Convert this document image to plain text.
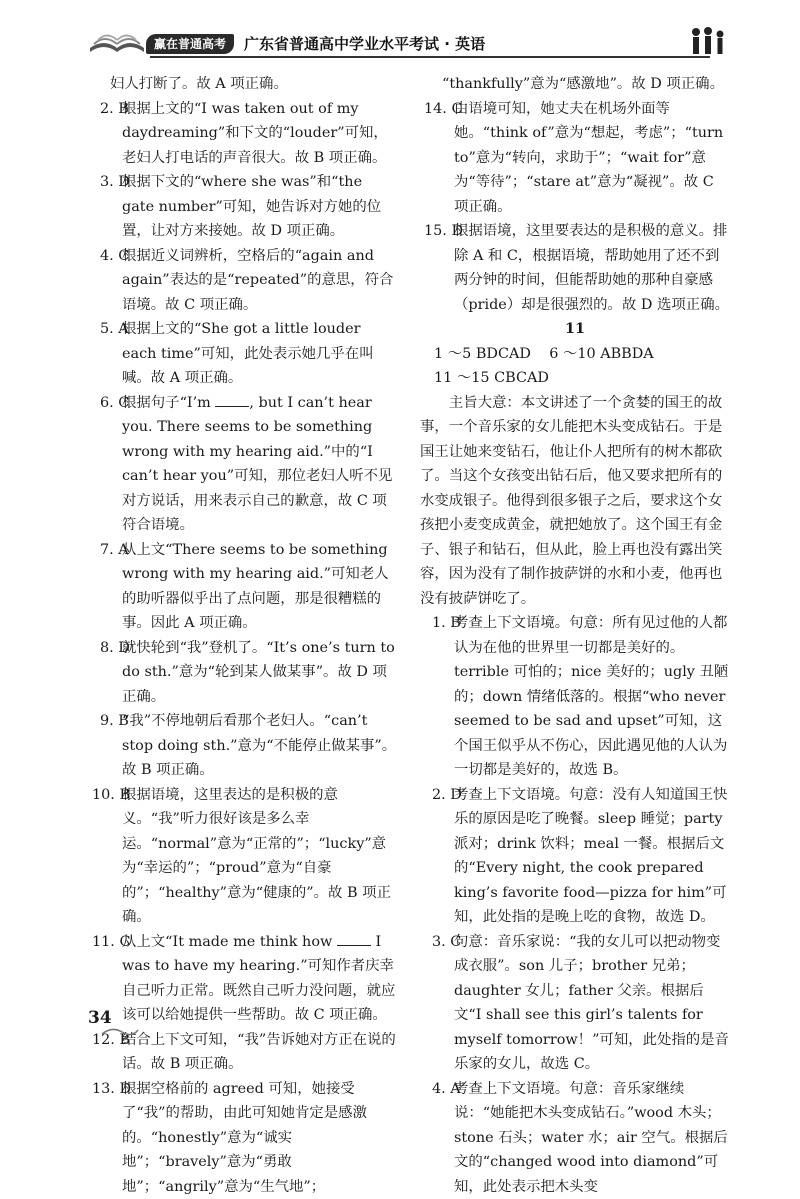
赢在普通高考	广东省普通高中学业水平考试 · 英语

妇人打断了。故 A 项正确。

2. B
根据上文的“I was taken out of my daydreaming”和下文的“louder”可知，老妇人打电话的声音很大。故 B 项正确。
3. D
根据下文的“where she was”和“the gate number”可知，她告诉对方她的位置，让对方来接她。故 D 项正确。
4. C
根据近义词辨析，空格后的“again and again”表达的是“repeated”的意思，符合语境。故 C 项正确。
5. A
根据上文的“She got a little louder each time”可知，此处表示她几乎在叫喊。故 A 项正确。
6. C
根据句子“I’m , but I can’t hear you. There seems to be something wrong with my hearing aid.”中的“I can’t hear you”可知，那位老妇人听不见对方说话，用来表示自己的歉意，故 C 项符合语境。
7. A
从上文“There seems to be something wrong with my hearing aid.”可知老人的助听器似乎出了点问题，那是很糟糕的事。因此 A 项正确。
8. D
就快轮到“我”登机了。“It’s one’s turn to do sth.”意为“轮到某人做某事”。故 D 项正确。
9. B
“我”不停地朝后看那个老妇人。“can’t stop doing sth.”意为“不能停止做某事”。故 B 项正确。
10. B
根据语境，这里表达的是积极的意义。“我”听力很好该是多么幸运。“normal”意为“正常的”；“lucky”意为“幸运的”；“proud”意为“自豪的”；“healthy”意为“健康的”。故 B 项正确。
11. C
从上文“It made me think how  I was to have my hearing.”可知作者庆幸自己听力正常。既然自己听力没问题，就应该可以给她提供一些帮助。故 C 项正确。
12. B
结合上下文可知，“我”告诉她对方正在说的话。故 B 项正确。
13. D
根据空格前的 agreed 可知，她接受了“我”的帮助，由此可知她肯定是感激的。“honestly”意为“诚实地”；“bravely”意为“勇敢地”；“angrily”意为“生气地”；

“thankfully”意为“感激地”。故 D 项正确。

14. C
由语境可知，她丈夫在机场外面等她。“think of”意为“想起，考虑”；“turn to”意为“转向，求助于”；“wait for”意为“等待”；“stare at”意为“凝视”。故 C 项正确。
15. D
根据语境，这里要表达的是积极的意义。排除 A 和 C，根据语境，帮助她用了还不到两分钟的时间，但能帮助她的那种自豪感（pride）却是很强烈的。故 D 选项正确。

11

1 ～5 BDCAD    6 ～10 ABBDA

11 ～15 CBCAD

主旨大意：本文讲述了一个贪婪的国王的故事，一个音乐家的女儿能把木头变成钻石。于是国王让她来变钻石，他让仆人把所有的树木都砍了。当这个女孩变出钻石后，他又要求把所有的水变成银子。他得到很多银子之后，要求这个女孩把小麦变成黄金，就把她放了。这个国王有金子、银子和钻石，但从此，脸上再也没有露出笑容，因为没有了制作披萨饼的水和小麦，他再也没有披萨饼吃了。

1. B
考查上下文语境。句意：所有见过他的人都认为在他的世界里一切都是美好的。terrible 可怕的；nice 美好的；ugly 丑陋的；down 情绪低落的。根据“who never seemed to be sad and upset”可知，这个国王似乎从不伤心，因此遇见他的人认为一切都是美好的，故选 B。
2. D
考查上下文语境。句意：没有人知道国王快乐的原因是吃了晚餐。sleep 睡觉；party 派对；drink 饮料；meal 一餐。根据后文的“Every night, the cook prepared king’s favorite food—pizza for him”可知，此处指的是晚上吃的食物，故选 D。
3. C
句意：音乐家说：“我的女儿可以把动物变成衣服”。son 儿子；brother 兄弟；daughter 女儿；father 父亲。根据后文“I shall see this girl’s talents for myself tomorrow！”可知，此处指的是音乐家的女儿，故选 C。
4. A
考查上下文语境。句意：音乐家继续说：“她能把木头变成钻石。”wood 木头；stone 石头；water 水；air 空气。根据后文的“changed wood into diamond”可知，此处表示把木头变
34
